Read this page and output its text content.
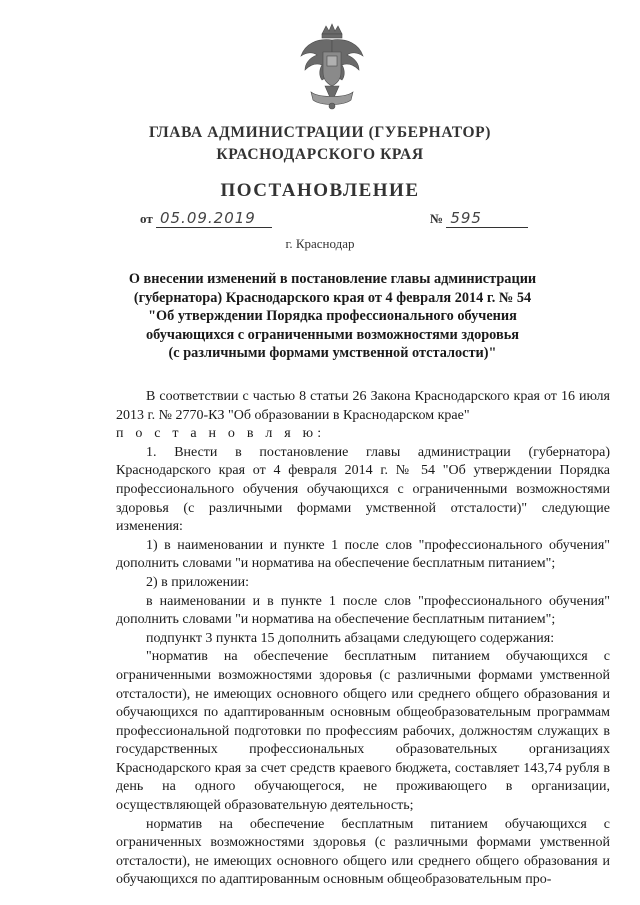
ГЛАВА АДМИНИСТРАЦИИ (ГУБЕРНАТОР)
КРАСНОДАРСКОГО КРАЯ
ПОСТАНОВЛЕНИЕ
от 05.09.2019	№ 595
г. Краснодар
О внесении изменений в постановление главы администрации
(губернатора) Краснодарского края от 4 февраля 2014 г. № 54
"Об утверждении Порядка профессионального обучения
обучающихся с ограниченными возможностями здоровья
(с различными формами умственной отсталости)"

В соответствии с частью 8 статьи 26 Закона Краснодарского края от 16 июля 2013 г. № 2770-КЗ "Об образовании в Краснодарском крае"

п о с т а н о в л я ю:

1. Внести в постановление главы администрации (губернатора) Краснодарского края от 4 февраля 2014 г. № 54 "Об утверждении Порядка профессионального обучения обучающихся с ограниченными возможностями здоровья (с различными формами умственной отсталости)" следующие изменения:

1) в наименовании и пункте 1 после слов "профессионального обучения" дополнить словами "и норматива на обеспечение бесплатным питанием";

2) в приложении:

в наименовании и в пункте 1 после слов "профессионального обучения" дополнить словами "и норматива на обеспечение бесплатным питанием";

подпункт 3 пункта 15 дополнить абзацами следующего содержания:

"норматив на обеспечение бесплатным питанием обучающихся с ограниченными возможностями здоровья (с различными формами умственной отсталости), не имеющих основного общего или среднего общего образования и обучающихся по адаптированным основным общеобразовательным программам профессиональной подготовки по профессиям рабочих, должностям служащих в государственных профессиональных образовательных организациях Краснодарского края за счет средств краевого бюджета, составляет 143,74 рубля в день на одного обучающегося, не проживающего в организации, осуществляющей образовательную деятельность;

норматив на обеспечение бесплатным питанием обучающихся с ограниченных возможностями здоровья (с различными формами умственной отсталости), не имеющих основного общего или среднего общего образования и обучающихся по адаптированным основным общеобразовательным про-
